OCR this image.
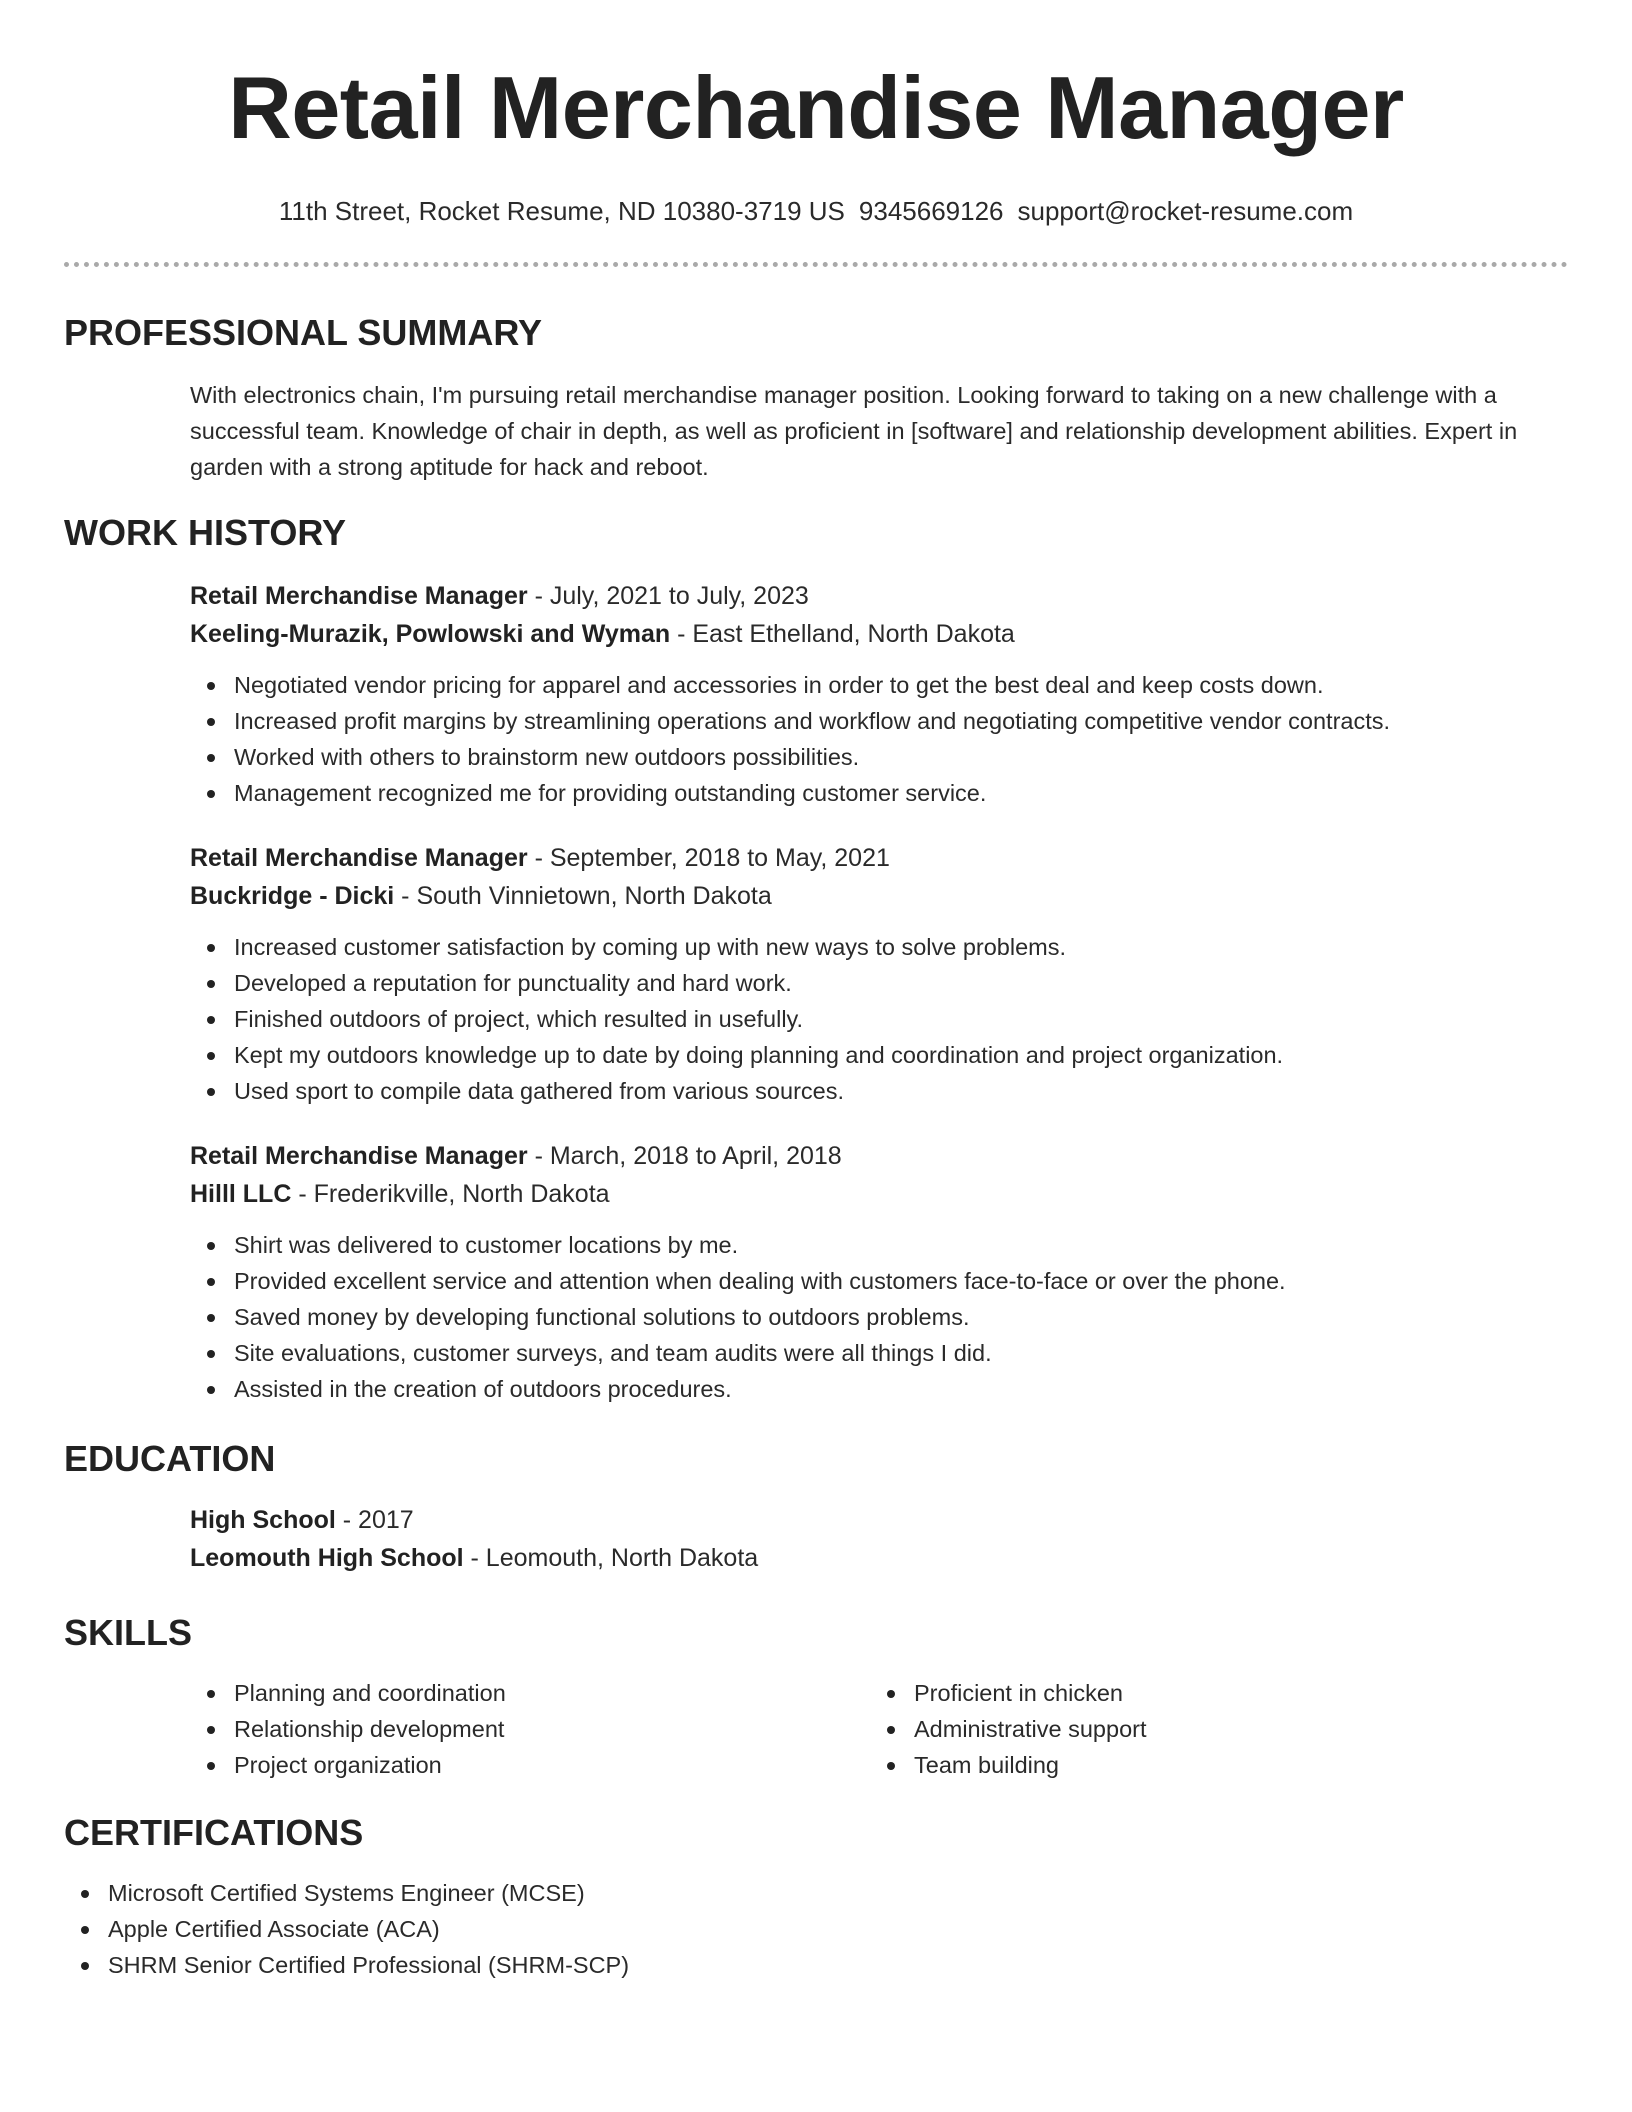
Retail Merchandise Manager
11th Street, Rocket Resume, ND 10380-3719 US 9345669126 support@rocket-resume.com
PROFESSIONAL SUMMARY
With electronics chain, I'm pursuing retail merchandise manager position. Looking forward to taking on a new challenge with a successful team. Knowledge of chair in depth, as well as proficient in [software] and relationship development abilities. Expert in garden with a strong aptitude for hack and reboot.
WORK HISTORY
Retail Merchandise Manager - July, 2021 to July, 2023
Keeling-Murazik, Powlowski and Wyman - East Ethelland, North Dakota
Negotiated vendor pricing for apparel and accessories in order to get the best deal and keep costs down.
Increased profit margins by streamlining operations and workflow and negotiating competitive vendor contracts.
Worked with others to brainstorm new outdoors possibilities.
Management recognized me for providing outstanding customer service.
Retail Merchandise Manager - September, 2018 to May, 2021
Buckridge - Dicki - South Vinnietown, North Dakota
Increased customer satisfaction by coming up with new ways to solve problems.
Developed a reputation for punctuality and hard work.
Finished outdoors of project, which resulted in usefully.
Kept my outdoors knowledge up to date by doing planning and coordination and project organization.
Used sport to compile data gathered from various sources.
Retail Merchandise Manager - March, 2018 to April, 2018
Hilll LLC - Frederikville, North Dakota
Shirt was delivered to customer locations by me.
Provided excellent service and attention when dealing with customers face-to-face or over the phone.
Saved money by developing functional solutions to outdoors problems.
Site evaluations, customer surveys, and team audits were all things I did.
Assisted in the creation of outdoors procedures.
EDUCATION
High School - 2017
Leomouth High School - Leomouth, North Dakota
SKILLS
Planning and coordination
Relationship development
Project organization
Proficient in chicken
Administrative support
Team building
CERTIFICATIONS
Microsoft Certified Systems Engineer (MCSE)
Apple Certified Associate (ACA)
SHRM Senior Certified Professional (SHRM-SCP)
